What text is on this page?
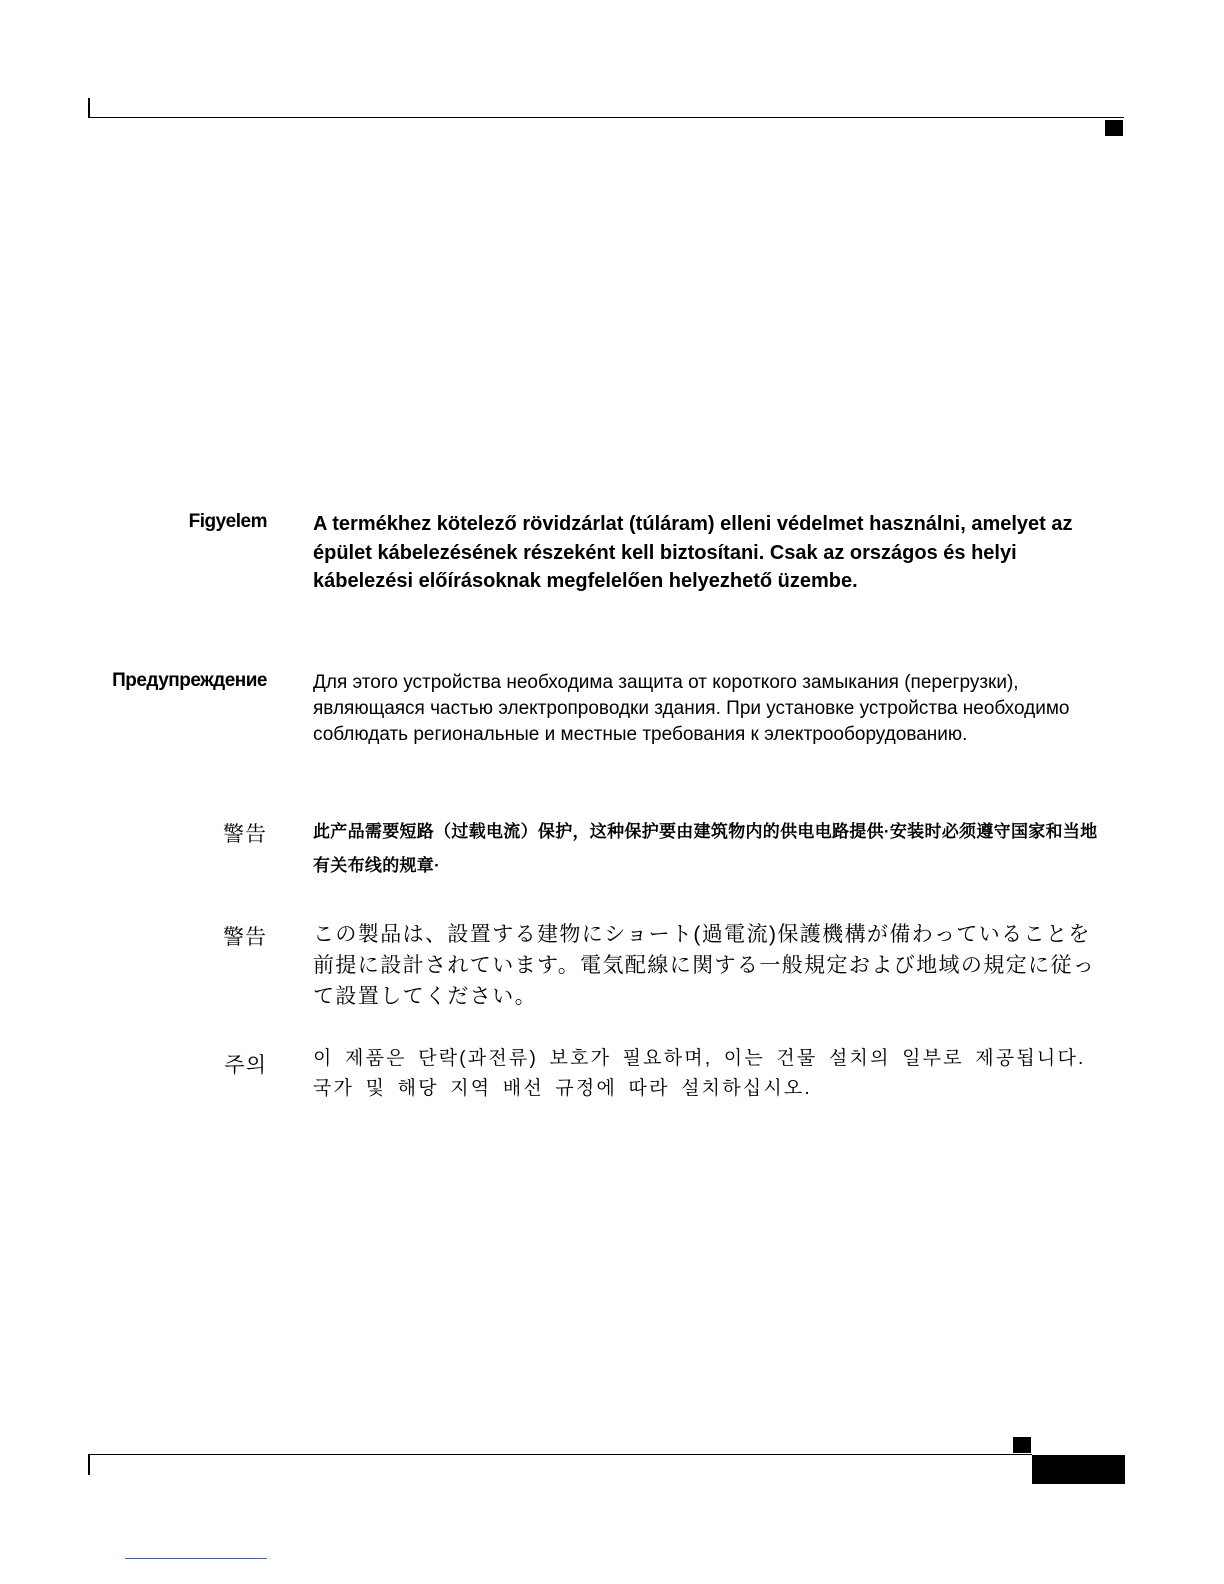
Figyelem A termékhez kötelező rövidzárlat (túláram) elleni védelmet használni, amelyet az épület kábelezésének részeként kell biztosítani. Csak az országos és helyi kábelezési előírásoknak megfelelően helyezhető üzembe.
Предупреждение Для этого устройства необходима защита от короткого замыкания (перегрузки), являющаяся частью электропроводки здания. При установке устройства необходимо соблюдать региональные и местные требования к электрооборудованию.
警告	此产品需要短路（过载电流）保护，这种保护要由建筑物内的供电电路提供·安装时必须遵守国家和当地有关布线的规章·
警告 この製品は、設置する建物にショート(過電流)保護機構が備わっていることを前提に設計されています。電気配線に関する一般規定および地域の規定に従って設置してください。
주의 이 제품은 단락(과전류) 보호가 필요하며, 이는 건물 설치의 일부로 제공됩니다. 국가 및 해당 지역 배선 규정에 따라 설치하십시오.
